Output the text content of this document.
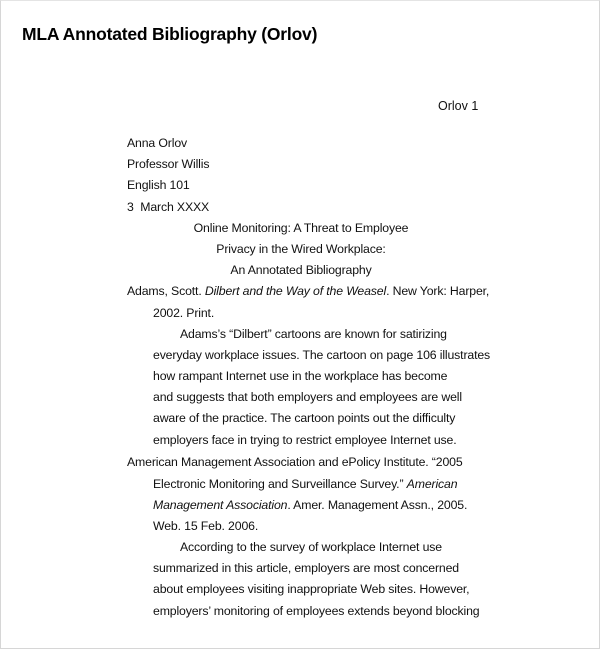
MLA Annotated Bibliography (Orlov)
Orlov 1
Anna Orlov
Professor Willis
English 101
3  March XXXX
Online Monitoring: A Threat to Employee
Privacy in the Wired Workplace:
An Annotated Bibliography
Adams, Scott. Dilbert and the Way of the Weasel. New York: Harper,
2002. Print.
Adams’s “Dilbert” cartoons are known for satirizing
everyday workplace issues. The cartoon on page 106 illustrates
how rampant Internet use in the workplace has become
and suggests that both employers and employees are well
aware of the practice. The cartoon points out the difficulty
employers face in trying to restrict employee Internet use.
American Management Association and ePolicy Institute. “2005
Electronic Monitoring and Surveillance Survey.” American
Management Association. Amer. Management Assn., 2005.
Web. 15 Feb. 2006.
According to the survey of workplace Internet use
summarized in this article, employers are most concerned
about employees visiting inappropriate Web sites. However,
employers’ monitoring of employees extends beyond blocking
